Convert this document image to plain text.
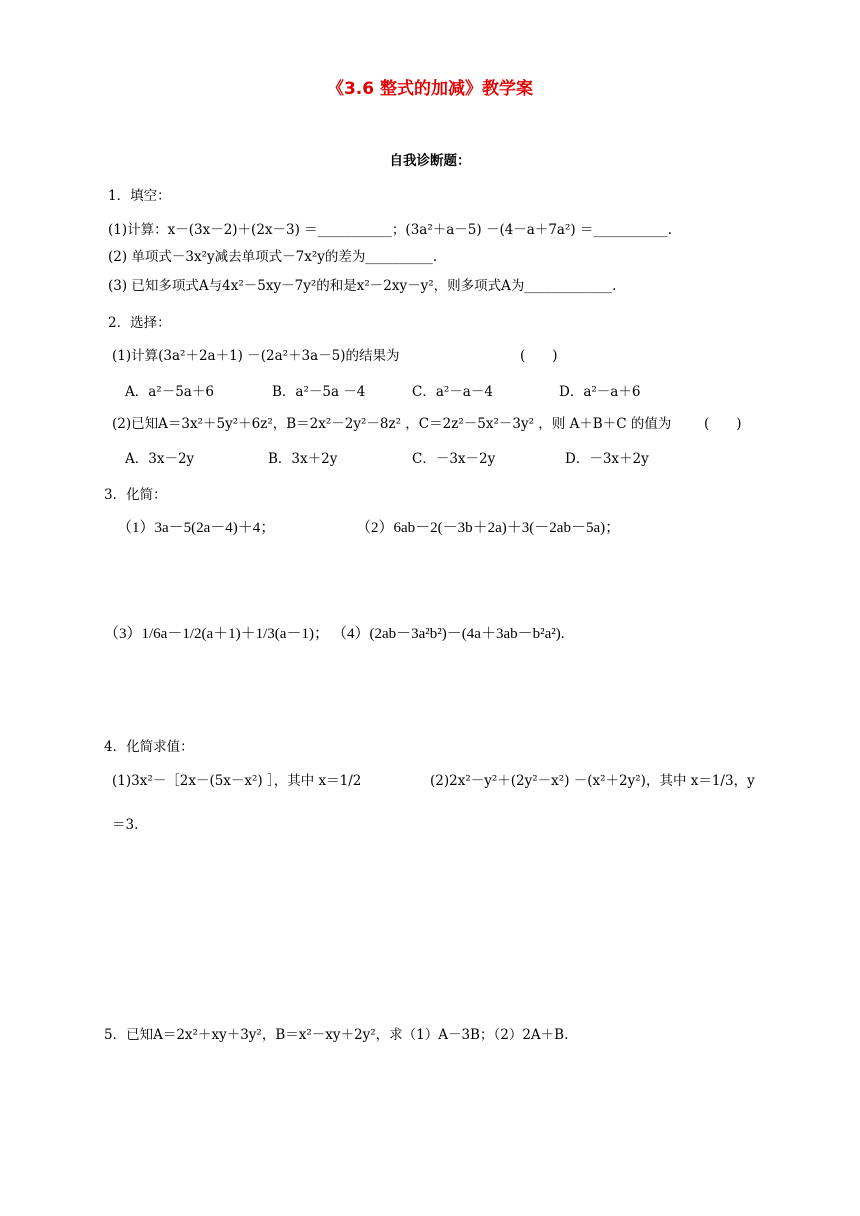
《3.6 整式的加减》教学案
自我诊断题：
1．填空：
(1)计算：x－(3x－2)＋(2x－3) ＝___________；(3a²＋a－5) －(4－a＋7a²) ＝___________.
(2) 单项式－3x²y减去单项式－7x²y的差为__________.
(3) 已知多项式A与4x²－5xy－7y²的和是x²－2xy－y²，则多项式A为_____________.
2．选择：
(1)计算(3a²＋2a＋1) －(2a²＋3a－5)的结果为	(　　)
A．a²－5a＋6	B．a²－5a －4	C．a²－a－4	D．a²－a＋6
(2)已知A＝3x²＋5y²＋6z²，B＝2x²－2y²－8z² ，C＝2z²－5x²－3y² ，则 A＋B＋C 的值为 (　　)
A．3x－2y	B．3x＋2y	C．－3x－2y	D．－3x＋2y
3．化简：
（1）3a－5(2a－4)＋4；	（2）6ab－2(－3b＋2a)＋3(－2ab－5a)；
（3）1/6a－1/2(a＋1)＋1/3(a－1)； （4）(2ab－3a²b²)－(4a＋3ab－b²a²).
4．化简求值：
(1)3x²－［2x－(5x－x²) ］，其中 x＝1/2	(2)2x²－y²＋(2y²－x²) －(x²＋2y²)，其中 x＝1/3，y
＝3.
5．已知A＝2x²＋xy＋3y²，B＝x²－xy＋2y²，求（1）A－3B；（2）2A＋B.
